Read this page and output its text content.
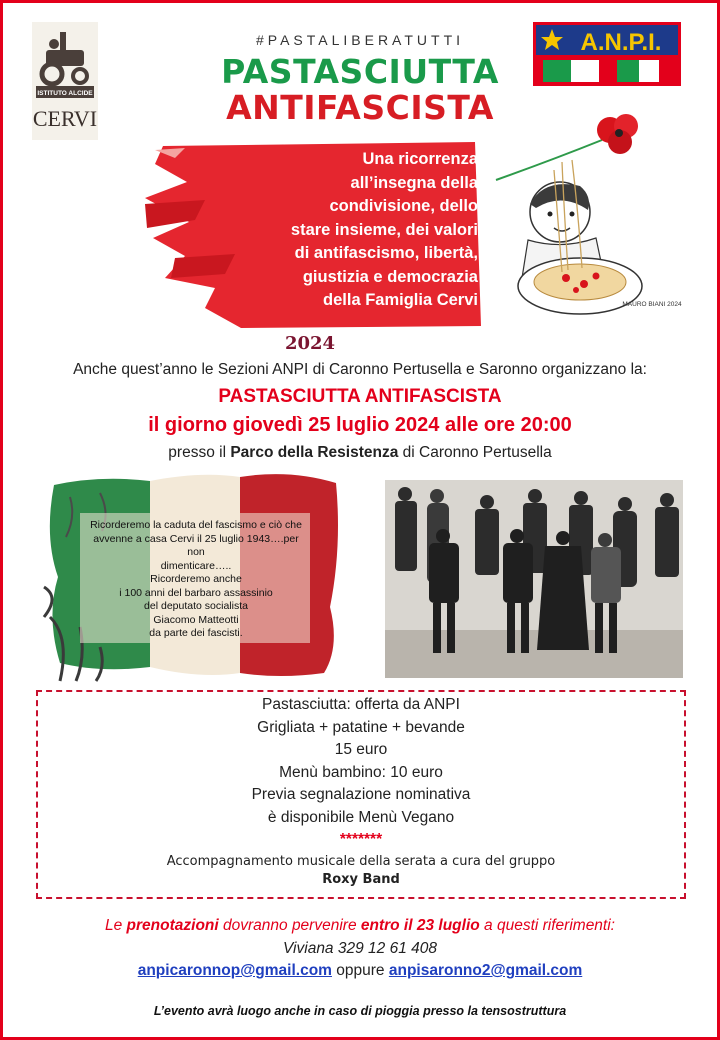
ISTITUTO ALCIDE
CERVI
A.N.P.I.
#PASTALIBERATUTTI
PASTASCIUTTA
ANTIFASCISTA
Una ricorrenza
all’insegna della
condivisione, dello
stare insieme, dei valori
di antifascismo, libertà,
giustizia e democrazia
della Famiglia Cervi	MAURO BIANI 2024
2024
Anche quest’anno le Sezioni ANPI di Caronno Pertusella e Saronno organizzano la:
PASTASCIUTTA ANTIFASCISTA
il giorno giovedì 25 luglio 2024 alle ore 20:00
presso il Parco della Resistenza di Caronno Pertusella
Ricorderemo la caduta del fascismo e ciò che
avvenne a casa Cervi il 25 luglio 1943….per non
dimenticare…..
Ricorderemo anche
i 100 anni del barbaro assassinio
del deputato socialista
Giacomo Matteotti
da parte dei fascisti.
Pastasciutta: offerta da ANPI
Grigliata + patatine + bevande
15 euro
Menù bambino: 10 euro
Previa segnalazione nominativa
è disponibile Menù Vegano
*******
Accompagnamento musicale della serata a cura del gruppo
Roxy Band
Le prenotazioni dovranno pervenire entro il 23 luglio a questi riferimenti:
Viviana 329 12 61 408
anpicaronnop@gmail.com oppure anpisaronno2@gmail.com
L’evento avrà luogo anche in caso di pioggia presso la tensostruttura
